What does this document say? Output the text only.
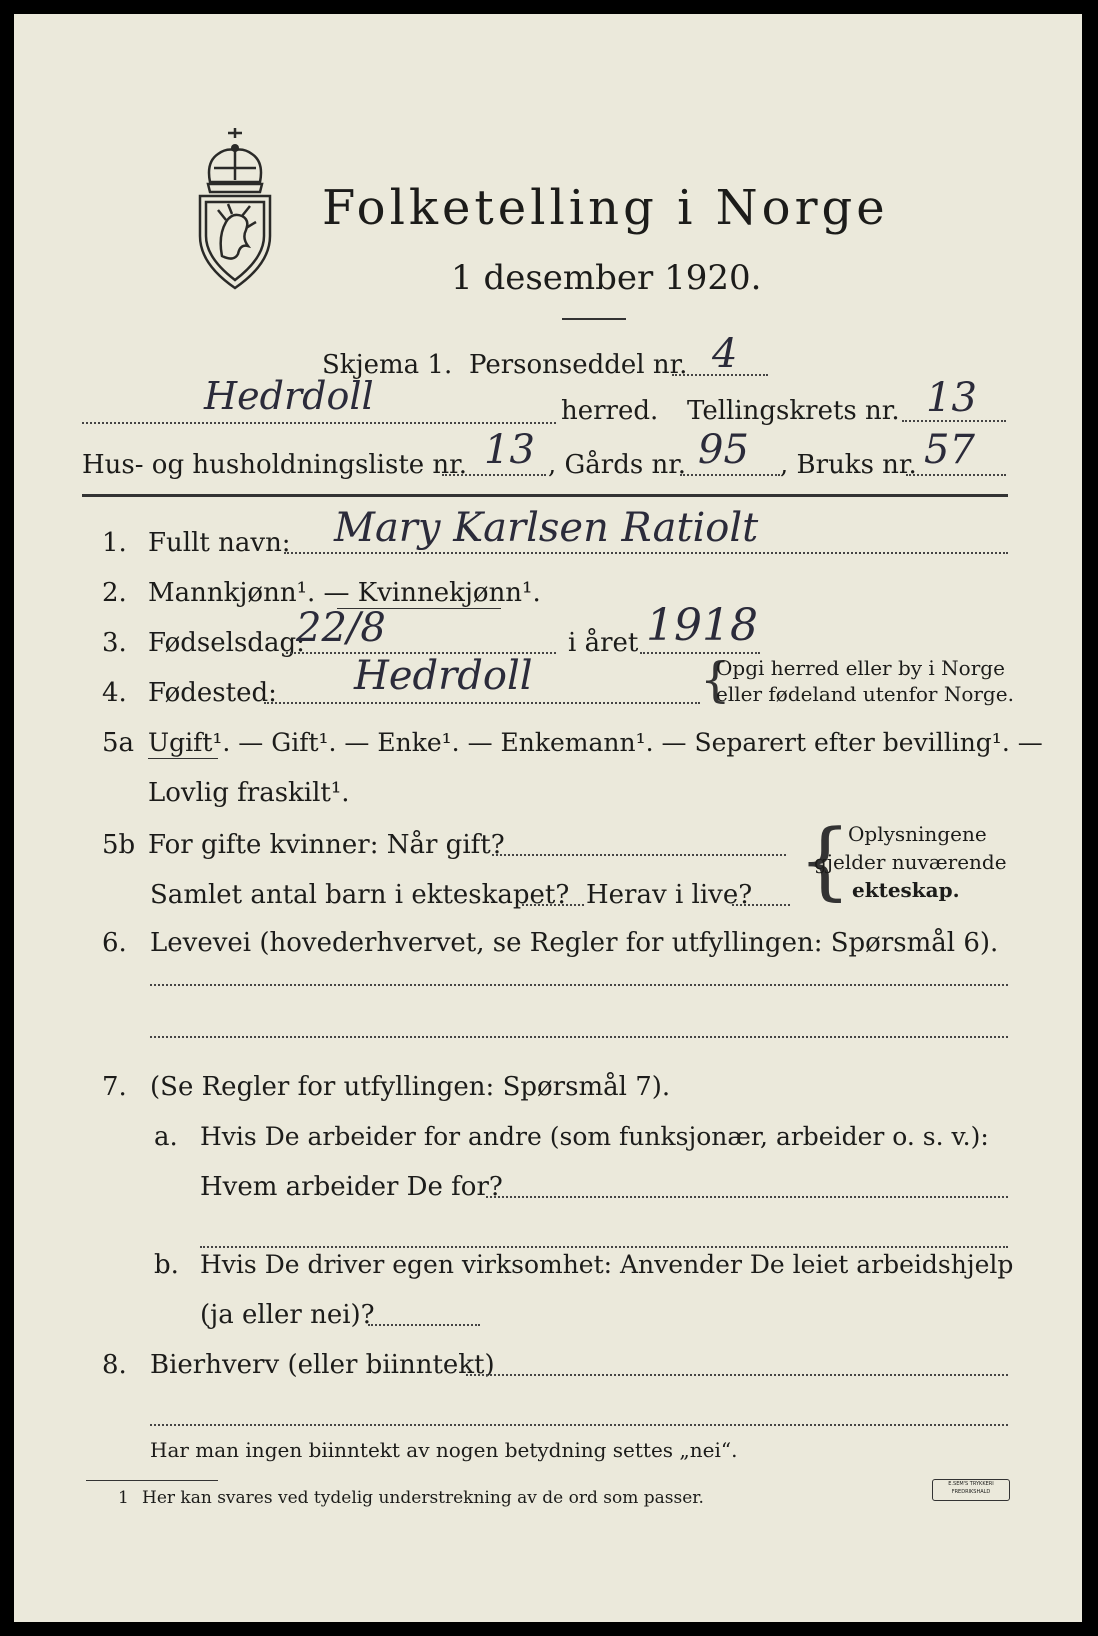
Folketelling i Norge
1 desember 1920.
Skjema 1. Personseddel nr. 4
Hedrdoll	herred. Tellingskrets nr. 13
Hus- og husholdningsliste nr. 13 , Gårds nr. 95 , Bruks nr. 57
1. Fullt navn: Mary Karlsen Ratiolt
2. Mannkjønn¹. — Kvinnekjønn¹.
3. Fødselsdag:
22/8	i året 1918
4. Fødested: Hedrdoll	{
Opgi herred eller by i Norge
eller fødeland utenfor Norge.
5a Ugift¹. — Gift¹. — Enke¹. — Enkemann¹. — Separert efter bevilling¹. —
Lovlig fraskilt¹.
5b For gifte kvinner: Når gift?
Samlet antal barn i ekteskapet? Herav i live? {
Oplysningene
gjelder nuværende
ekteskap.
6. Levevei (hovederhvervet, se Regler for utfyllingen: Spørsmål 6).
7. (Se Regler for utfyllingen: Spørsmål 7).
a. Hvis De arbeider for andre (som funksjonær, arbeider o. s. v.):
Hvem arbeider De for?
b. Hvis De driver egen virksomhet: Anvender De leiet arbeidshjelp
(ja eller nei)?
8. Bierhverv (eller biinntekt)
Har man ingen biinntekt av nogen betydning settes „nei“.
1 Her kan svares ved tydelig understrekning av de ord som passer.
E.SEM'S TRYKKERI FREDRIKSHALD
